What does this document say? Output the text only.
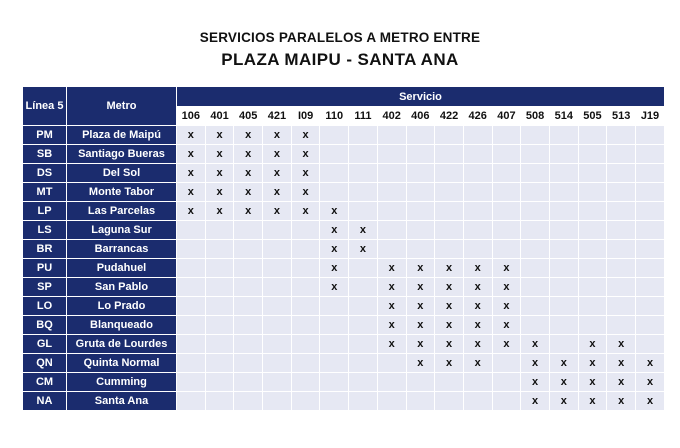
SERVICIOS PARALELOS A METRO ENTRE
PLAZA MAIPU - SANTA ANA
Línea 5	Metro	Servicio																
		106	401	405	421	I09	110	111	402	406	422	426	407	508	514	505	513	J19
PM	Plaza de Maipú	x	x	x	x	x												
SB	Santiago Bueras	x	x	x	x	x												
DS	Del Sol	x	x	x	x	x												
MT	Monte Tabor	x	x	x	x	x												
LP	Las Parcelas	x	x	x	x	x	x											
LS	Laguna Sur						x	x										
BR	Barrancas						x	x										
PU	Pudahuel						x		x	x	x	x	x					
SP	San Pablo						x		x	x	x	x	x					
LO	Lo Prado								x	x	x	x	x					
BQ	Blanqueado								x	x	x	x	x					
GL	Gruta de Lourdes								x	x	x	x	x	x		x	x	
QN	Quinta Normal									x	x	x		x	x	x	x	x
CM	Cumming													x	x	x	x	x
NA	Santa Ana													x	x	x	x	x
